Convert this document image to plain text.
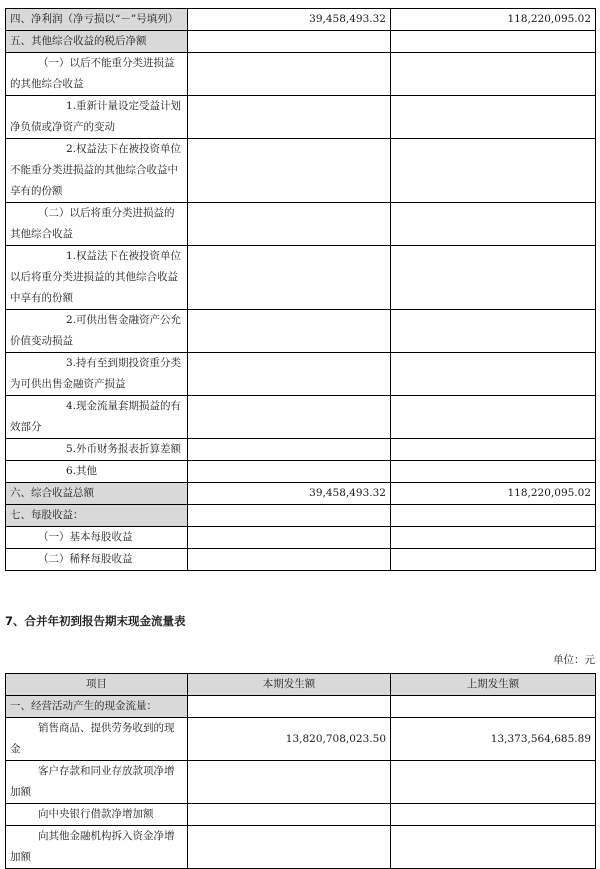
四、净利润（净亏损以“－”号填列）	39,458,493.32	118,220,095.02
五、其他综合收益的税后净额		
（一）以后不能重分类进损益的其他综合收益		
1.重新计量设定受益计划净负债或净资产的变动		
2.权益法下在被投资单位不能重分类进损益的其他综合收益中享有的份额		
（二）以后将重分类进损益的其他综合收益		
1.权益法下在被投资单位以后将重分类进损益的其他综合收益中享有的份额		
2.可供出售金融资产公允价值变动损益		
3.持有至到期投资重分类为可供出售金融资产损益		
4.现金流量套期损益的有效部分		
5.外币财务报表折算差额		
6.其他		
六、综合收益总额	39,458,493.32	118,220,095.02
七、每股收益：		
（一）基本每股收益		
（二）稀释每股收益		
7、合并年初到报告期末现金流量表
单位：元
项目	本期发生额	上期发生额
一、经营活动产生的现金流量：		
销售商品、提供劳务收到的现金	13,820,708,023.50	13,373,564,685.89
客户存款和同业存放款项净增加额		
向中央银行借款净增加额		
向其他金融机构拆入资金净增加额		
